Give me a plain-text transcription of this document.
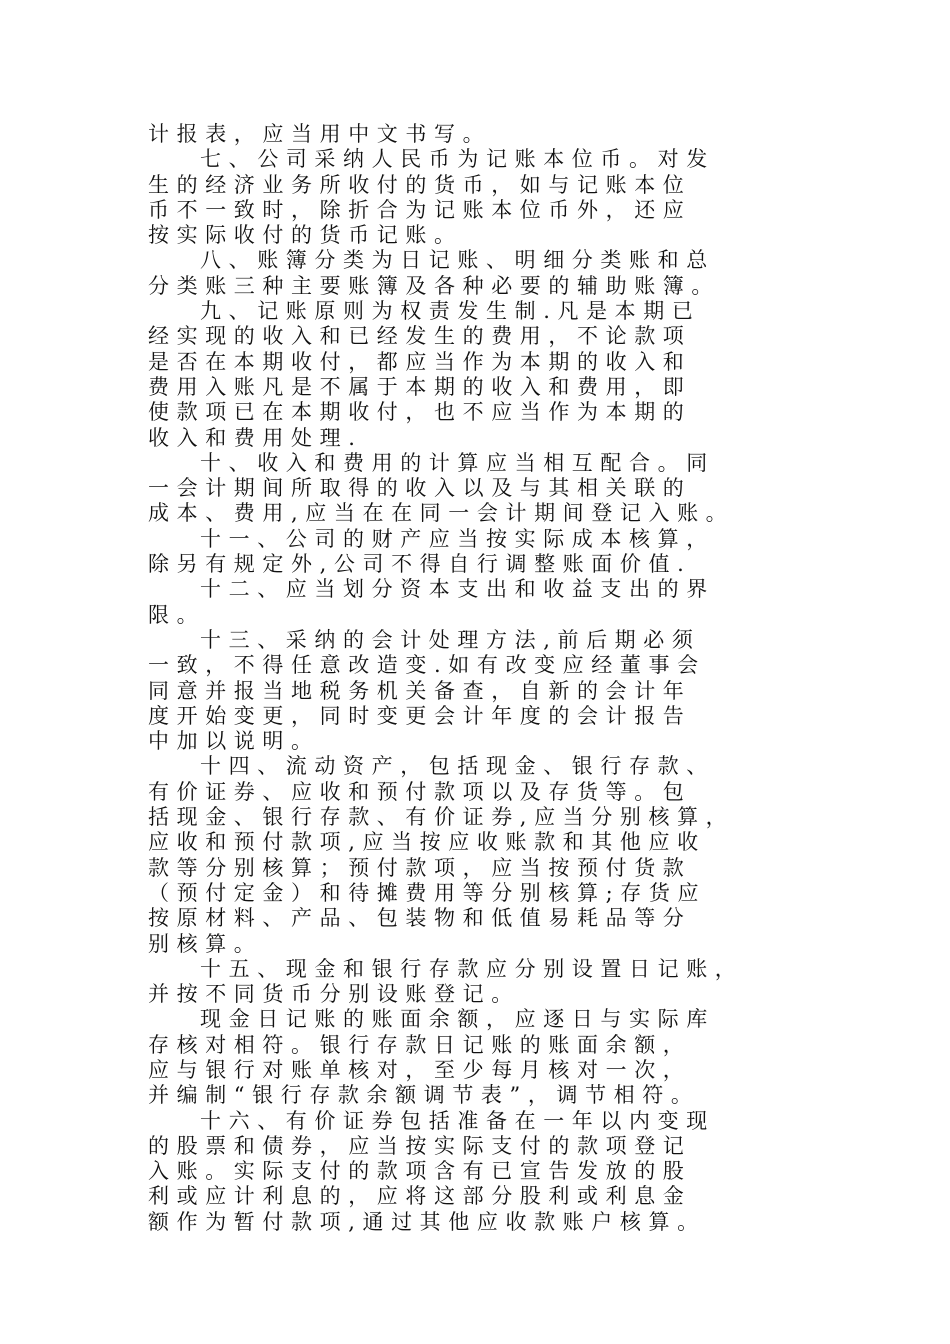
计报表，应当用中文书写。
七、公司采纳人民币为记账本位币。对发
生的经济业务所收付的货币，如与记账本位
币不一致时，除折合为记账本位币外，还应
按实际收付的货币记账。
八、账簿分类为日记账、明细分类账和总
分类账三种主要账簿及各种必要的辅助账簿。
九、记账原则为权责发生制.凡是本期已
经实现的收入和已经发生的费用，不论款项
是否在本期收付，都应当作为本期的收入和
费用入账凡是不属于本期的收入和费用，即
使款项已在本期收付，也不应当作为本期的
收入和费用处理.
十、收入和费用的计算应当相互配合。同
一会计期间所取得的收入以及与其相关联的
成本、费用,应当在在同一会计期间登记入账。
十一、公司的财产应当按实际成本核算，
除另有规定外,公司不得自行调整账面价值.
十二、应当划分资本支出和收益支出的界
限。
十三、采纳的会计处理方法,前后期必须
一致，不得任意改造变.如有改变应经董事会
同意并报当地税务机关备查，自新的会计年
度开始变更，同时变更会计年度的会计报告
中加以说明。
十四、流动资产，包括现金、银行存款、
有价证券、应收和预付款项以及存货等。包
括现金、银行存款、有价证券,应当分别核算，
应收和预付款项,应当按应收账款和其他应收
款等分别核算；预付款项，应当按预付货款
（预付定金）和待摊费用等分别核算;存货应
按原材料、产品、包装物和低值易耗品等分
别核算。
十五、现金和银行存款应分别设置日记账，
并按不同货币分别设账登记。
现金日记账的账面余额，应逐日与实际库
存核对相符。银行存款日记账的账面余额，
应与银行对账单核对，至少每月核对一次，
并编制“银行存款余额调节表”，调节相符。
十六、有价证券包括准备在一年以内变现
的股票和债券，应当按实际支付的款项登记
入账。实际支付的款项含有已宣告发放的股
利或应计利息的，应将这部分股利或利息金
额作为暂付款项,通过其他应收款账户核算。
